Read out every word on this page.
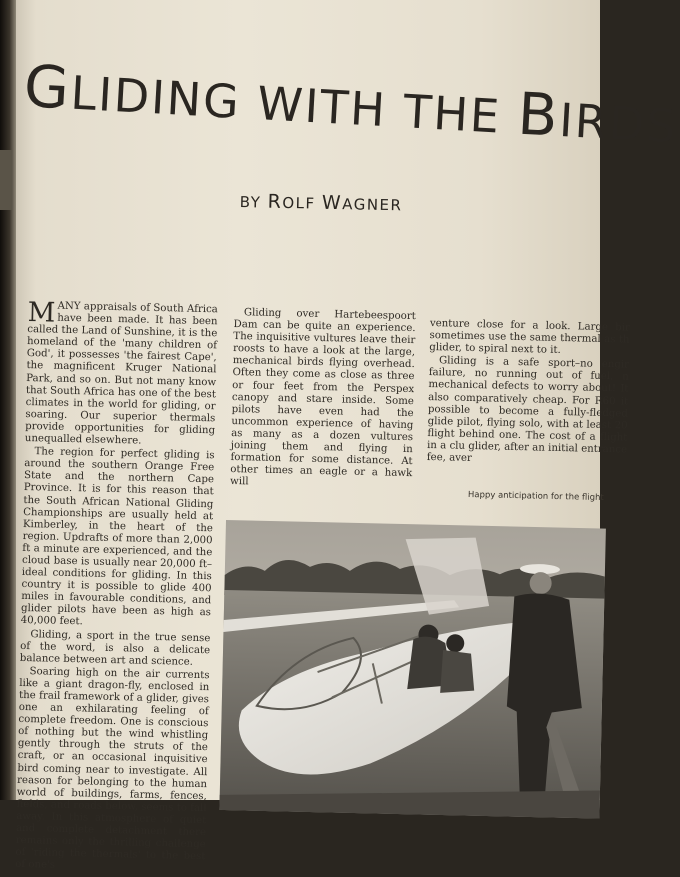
GLIDING WITH THE BIRDS
BY ROLF WAGNER

MANY appraisals of South Africa have been made. It has been called the Land of Sunshine, it is the homeland of the 'many children of God', it possesses 'the fairest Cape', the magnificent Kruger National Park, and so on. But not many know that South Africa has one of the best climates in the world for gliding, or soaring. Our superior thermals provide opportunities for gliding unequalled elsewhere.

The region for perfect gliding is around the southern Orange Free State and the northern Cape Province. It is for this reason that the South African National Gliding Championships are usually held at Kimberley, in the heart of the region. Updrafts of more than 2,000 ft a minute are experienced, and the cloud base is usually near 20,000 ft–ideal conditions for gliding. In this country it is possible to glide 400 miles in favourable conditions, and glider pilots have been as high as 40,000 feet.

Gliding, a sport in the true sense of the word, is also a delicate balance between art and science.

Soaring high on the air currents like a giant dragon-fly, enclosed in the frail framework of a glider, gives one an exhilarating feeling of complete freedom. One is conscious of nothing but the wind whistling gently through the struts of the craft, or an occasional inquisitive bird coming near to investigate. All reason for belonging to the human world of buildings, farms, fences, fields, and roads below, seems to fall away. In this atmosphere of quiet and complete detachment there remains only the thrilling challenge of 'riding the thermals' to the best of one's

Gliding over Hartebeespoort Dam can be quite an experience. The inquisitive vultures leave their roosts to have a look at the large, mechanical birds flying overhead. Often they come as close as three or four feet from the Perspex canopy and stare inside. Some pilots have even had the uncommon experience of having as many as a dozen vultures joining them and flying in formation for some distance. At other times an eagle or a hawk will

venture close for a look. Large bir sometimes use the same thermal as th glider, to spiral next to it.

Gliding is a safe sport–no engir failure, no running out of fuel, n mechanical defects to worry about! It also comparatively cheap. For R60 it possible to become a fully-fledged glide pilot, flying solo, with at least 20 flight behind one. The cost of a flight in a clu glider, after an initial entrance fee, aver

Happy anticipation for the flight
